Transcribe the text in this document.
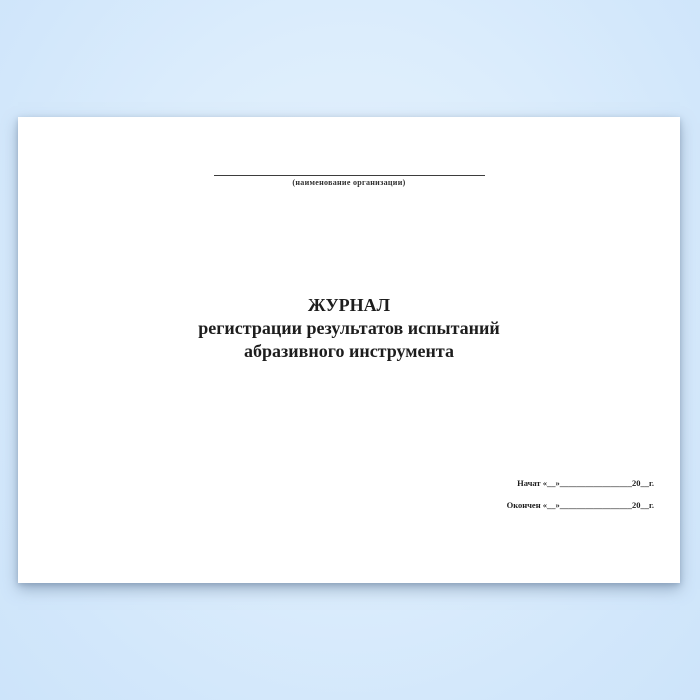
(наименование организации)
ЖУРНАЛ
регистрации результатов испытаний
абразивного инструмента
Начат «__»_________________20__г.
Окончен «__»_________________20__г.
